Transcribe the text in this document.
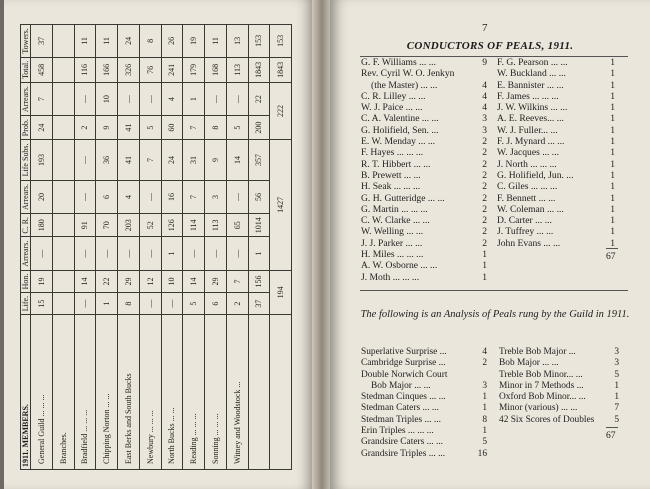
1911. MEMBERS.	Life.	Hon.	Arrears.	C. R.	Arrears.	Life Subs.	Prob.	Arrears.	Total.	Towers.
General Guild ... ... ...	15	19	—	180	20	193	24	7	458	37
Branches.										
Bradfield ... ... ...	—	14	—	91	—	—	2	—	116	11
Chipping Norton ... ...	1	22	—	70	6	36	9	10	166	11
East Berks and South Bucks	8	29	—	203	4	41	41	—	326	24
Newbury ... ... ...	—	12	—	52	—	7	5	—	76	8
North Bucks ... ...	—	10	1	126	16	24	60	4	241	26
Reading ... ... ...	5	14	—	114	7	31	7	1	179	19
Sonning ... ... ...	6	29	—	113	3	9	8	—	168	11
Witney and Woodstock ...	2	7	—	65	—	14	5	—	113	13
	37	156	1	1014	56	357	200	22	1843	153
	194		1427				222		1843	153
7
CONDUCTORS OF PEALS, 1911.
G. F. Williams ... ...	9
Rev. Cyril W. O. Jenkyn
(the Master) ... ...	4
C. R. Lilley ... ...	4
W. J. Paice ... ...	4
C. A. Valentine ... ...	3
G. Holifield, Sen. ...	3
E. W. Menday ... ...	2
F. Hayes ... ... ...	2
R. T. Hibbert ... ...	2
B. Prewett ... ...	2
H. Seak ... ... ...	2
G. H. Gutteridge ... ...	2
G. Martin ... ... ...	2
C. W. Clarke ... ...	2
W. Welling ... ...	2
J. J. Parker ... ...	2
H. Miles ... ... ...	1
A. W. Osborne ... ...	1
J. Moth ... ... ...	1
F. G. Pearson ... ...	1
W. Buckland ... ...	1
E. Bannister ... ...	1
F. James ... ... ...	1
J. W. Wilkins ... ...	1
A. E. Reeves... ...	1
W. J. Fuller... ...	1
F. J. Mynard ... ...	1
W. Jacques ... ...	1
J. North ... ... ...	1
G. Holifield, Jun. ...	1
C. Giles ... ... ...	1
F. Bennett ... ...	1
W. Coleman ... ...	1
D. Carter ... ...	1
J. Tuffrey ... ...	1
John Evans ... ...	1
67
The following is an Analysis of Peals rung by the Guild in 1911.
Superlative Surprise ...	4
Cambridge Surprise ...	2
Double Norwich Court
Bob Major ... ...	3
Stedman Cinques ... ...	1
Stedman Caters ... ...	1
Stedman Triples ... ...	8
Erin Triples ... ... ...	1
Grandsire Caters ... ...	5
Grandsire Triples ... ...	16
Treble Bob Major ...	3
Bob Major ... ...	3
Treble Bob Minor... ...	5
Minor in 7 Methods ...	1
Oxford Bob Minor... ...	1
Minor (various) ... ...	7
42 Six Scores of Doubles	5
67
